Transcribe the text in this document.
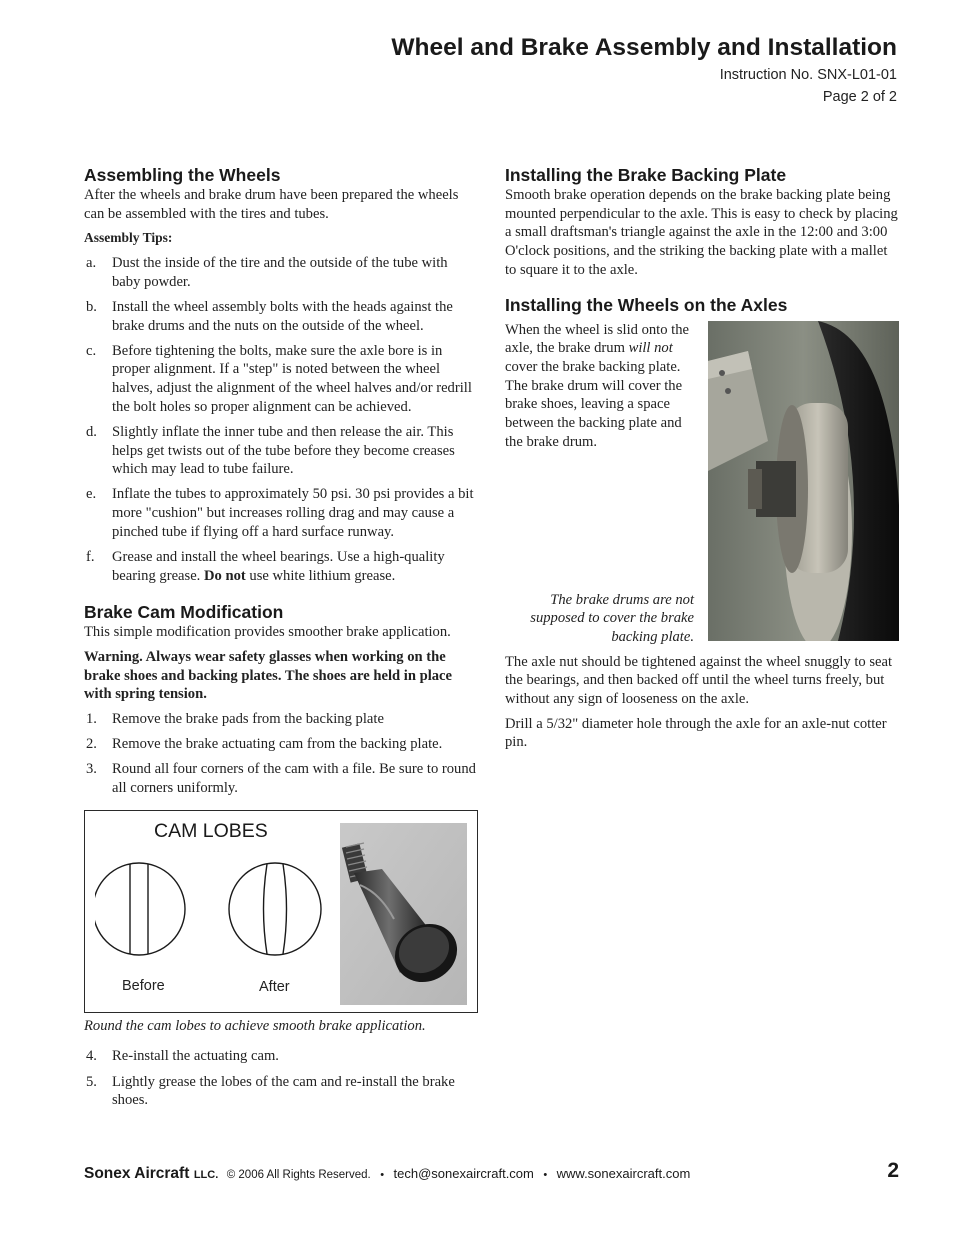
Wheel and Brake Assembly and Installation
Instruction No. SNX-L01-01
Page 2 of 2
Assembling the Wheels

After the wheels and brake drum have been prepared the wheels can be assembled with the tires and tubes.

Assembly Tips:

a. Dust the inside of the tire and the outside of the tube with baby powder.
b. Install the wheel assembly bolts with the heads against the brake drums and the nuts on the outside of the wheel.
c. Before tightening the bolts, make sure the axle bore is in proper alignment. If a "step" is noted between the wheel halves, adjust the alignment of the wheel halves and/or redrill the bolt holes so proper alignment can be achieved.
d. Slightly inflate the inner tube and then release the air. This helps get twists out of the tube before they become creases which may lead to tube failure.
e. Inflate the tubes to approximately 50 psi. 30 psi provides a bit more "cushion" but increases rolling drag and may cause a pinched tube if flying off a hard surface runway.
f. Grease and install the wheel bearings. Use a high-quality bearing grease. Do not use white lithium grease.
Brake Cam Modification

This simple modification provides smoother brake application.

Warning. Always wear safety glasses when working on the brake shoes and backing plates. The shoes are held in place with spring tension.

1. Remove the brake pads from the backing plate
2. Remove the brake actuating cam from the backing plate.
3. Round all four corners of the cam with a file. Be sure to round all corners uniformly.
CAM LOBES
Before	After

Round the cam lobes to achieve smooth brake application.

4. Re-install the actuating cam.
5. Lightly grease the lobes of the cam and re-install the brake shoes.
Installing the Brake Backing Plate

Smooth brake operation depends on the brake backing plate being mounted perpendicular to the axle. This is easy to check by placing a small draftsman's triangle against the axle in the 12:00 and 3:00 O'clock positions, and the striking the backing plate with a mallet to square it to the axle.

Installing the Wheels on the Axles

When the wheel is slid onto the axle, the brake drum will not cover the brake backing plate. The brake drum will cover the brake shoes, leaving a space between the backing plate and the brake drum.

The brake drums are not supposed to cover the brake backing plate.

The axle nut should be tightened against the wheel snuggly to seat the bearings, and then backed off until the wheel turns freely, but without any sign of looseness on the axle.

Drill a 5/32" diameter hole through the axle for an axle-nut cotter pin.

Sonex Aircraft LLC. © 2006 All Rights Reserved. • tech@sonexaircraft.com • www.sonexaircraft.com	2
